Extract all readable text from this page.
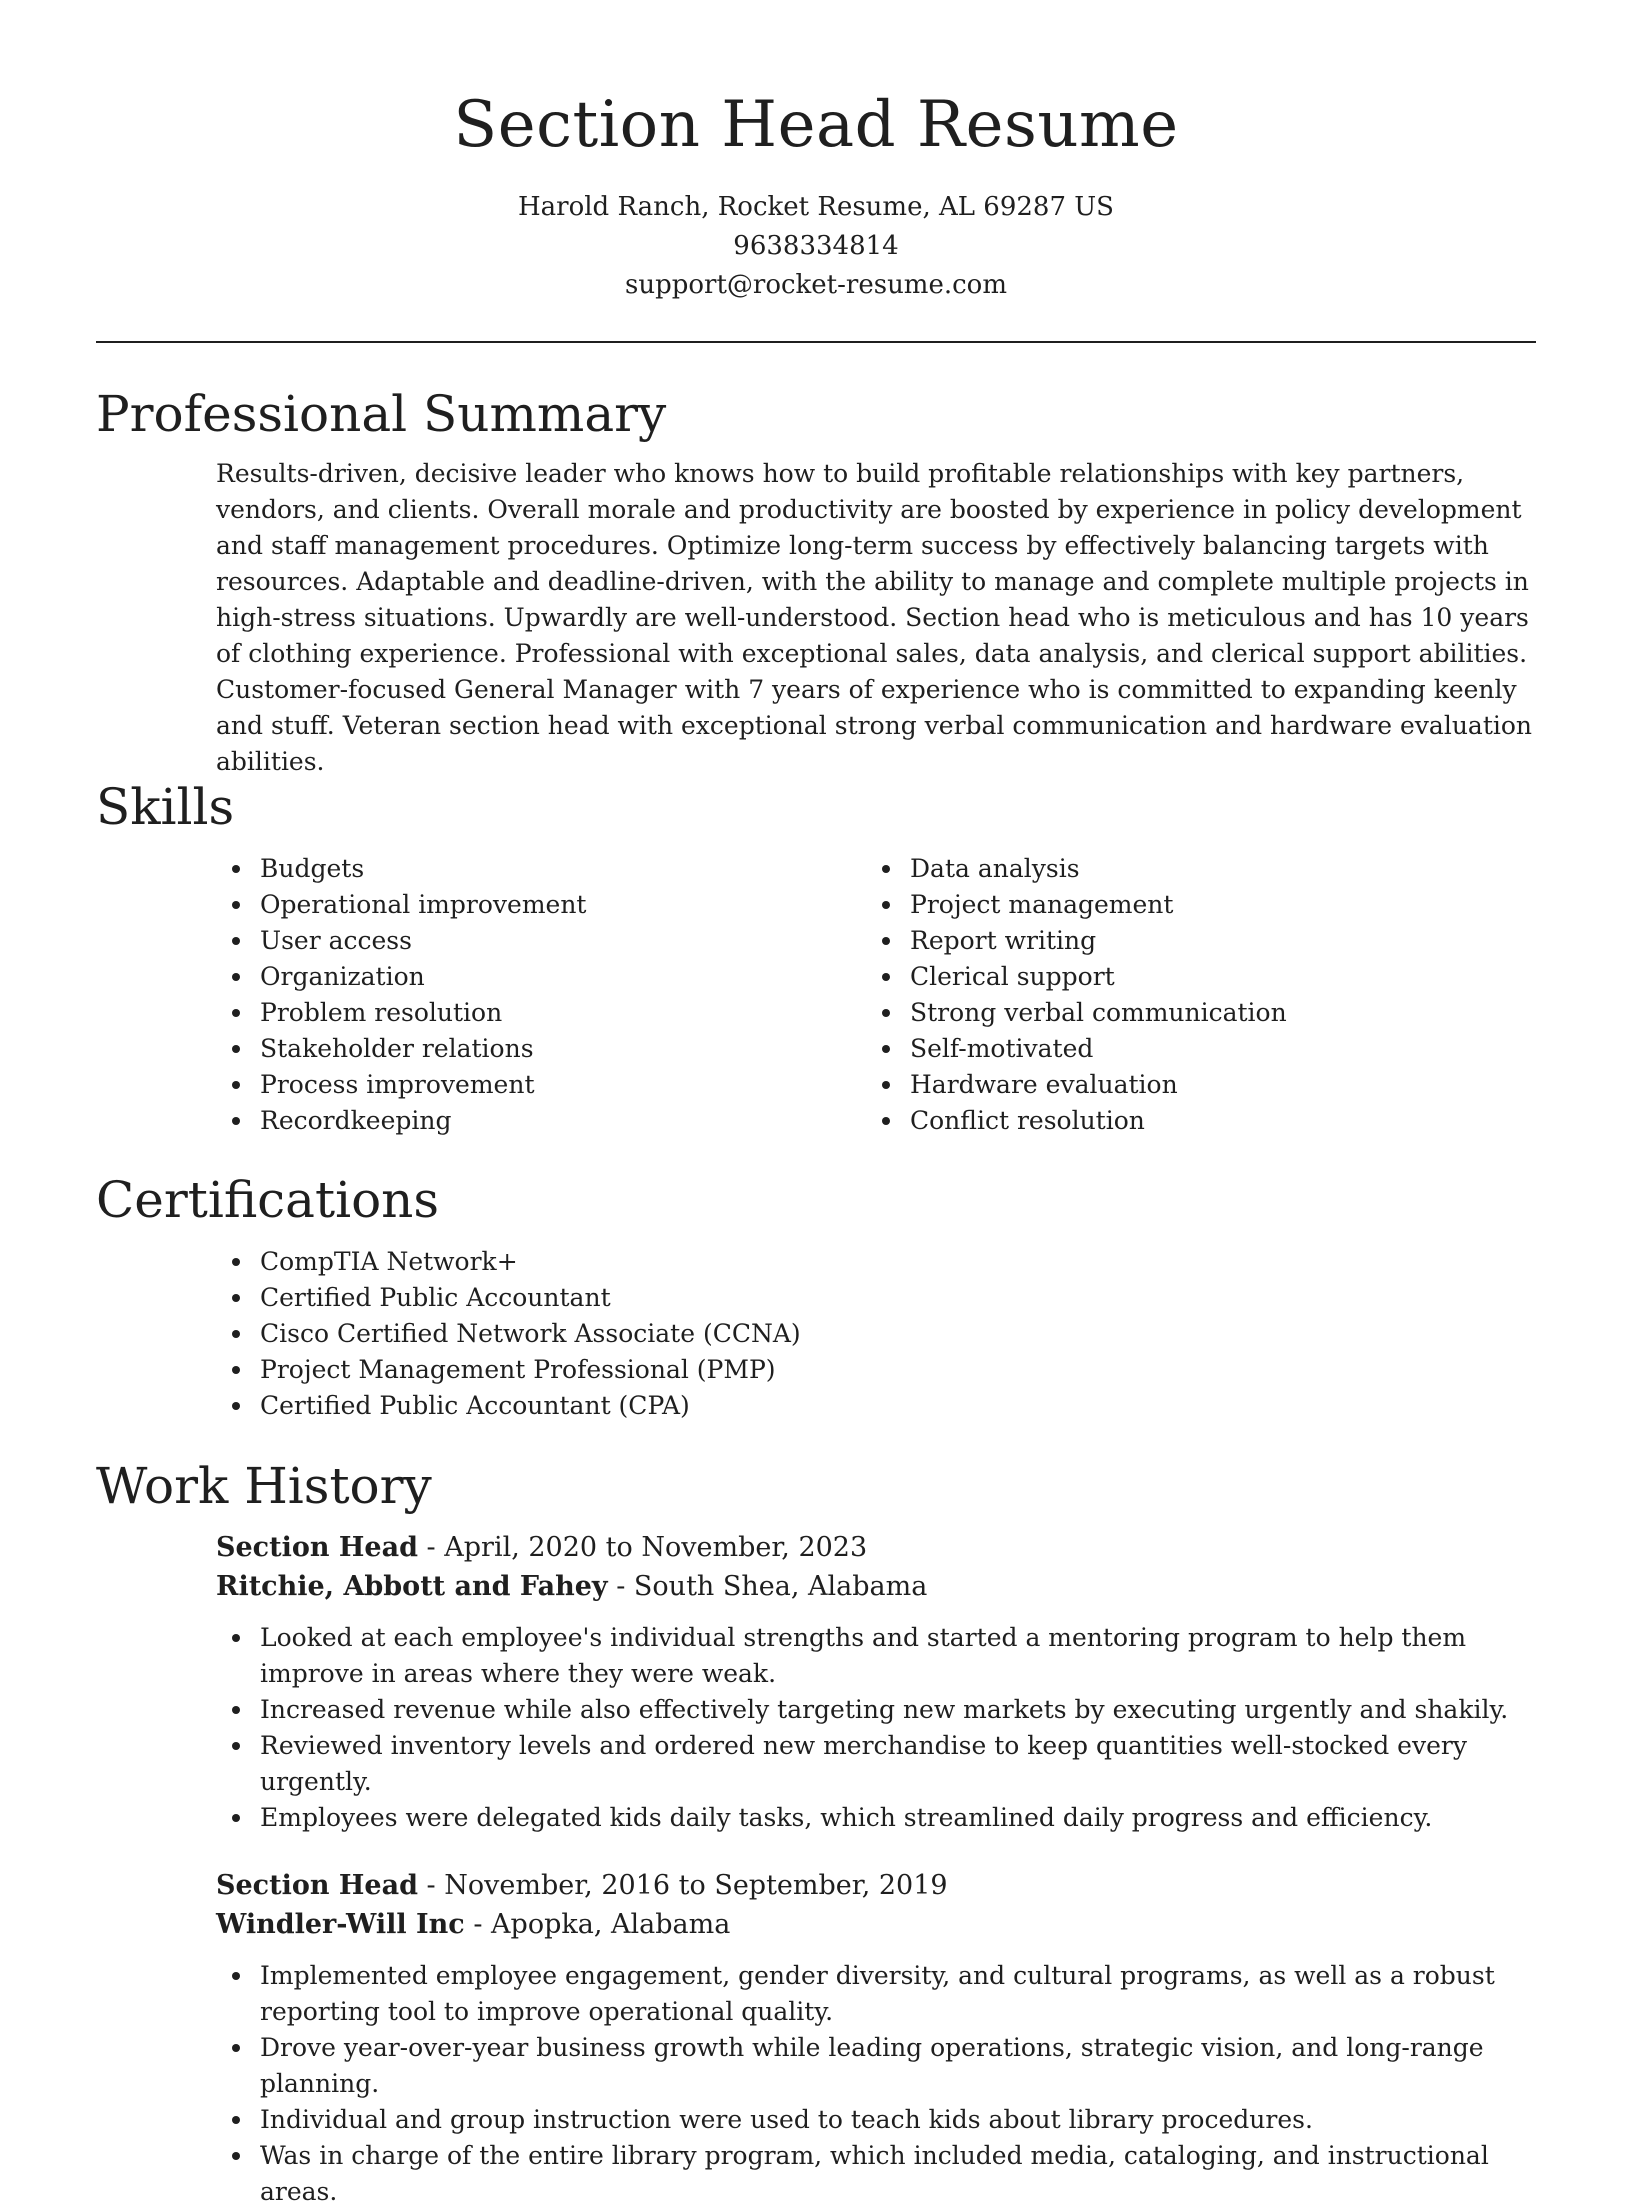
Section Head Resume
Harold Ranch, Rocket Resume, AL 69287 US
9638334814
support@rocket-resume.com
Professional Summary
Results-driven, decisive leader who knows how to build profitable relationships with key partners, vendors, and clients. Overall morale and productivity are boosted by experience in policy development and staff management procedures. Optimize long-term success by effectively balancing targets with resources. Adaptable and deadline-driven, with the ability to manage and complete multiple projects in high-stress situations. Upwardly are well-understood. Section head who is meticulous and has 10 years of clothing experience. Professional with exceptional sales, data analysis, and clerical support abilities. Customer-focused General Manager with 7 years of experience who is committed to expanding keenly and stuff. Veteran section head with exceptional strong verbal communication and hardware evaluation abilities.
Skills
Budgets
Operational improvement
User access
Organization
Problem resolution
Stakeholder relations
Process improvement
Recordkeeping
Data analysis
Project management
Report writing
Clerical support
Strong verbal communication
Self-motivated
Hardware evaluation
Conflict resolution
Certifications
CompTIA Network+
Certified Public Accountant
Cisco Certified Network Associate (CCNA)
Project Management Professional (PMP)
Certified Public Accountant (CPA)
Work History
Section Head - April, 2020 to November, 2023
Ritchie, Abbott and Fahey - South Shea, Alabama
Looked at each employee's individual strengths and started a mentoring program to help them improve in areas where they were weak.
Increased revenue while also effectively targeting new markets by executing urgently and shakily.
Reviewed inventory levels and ordered new merchandise to keep quantities well-stocked every urgently.
Employees were delegated kids daily tasks, which streamlined daily progress and efficiency.
Section Head - November, 2016 to September, 2019
Windler-Will Inc - Apopka, Alabama
Implemented employee engagement, gender diversity, and cultural programs, as well as a robust reporting tool to improve operational quality.
Drove year-over-year business growth while leading operations, strategic vision, and long-range planning.
Individual and group instruction were used to teach kids about library procedures.
Was in charge of the entire library program, which included media, cataloging, and instructional areas.
